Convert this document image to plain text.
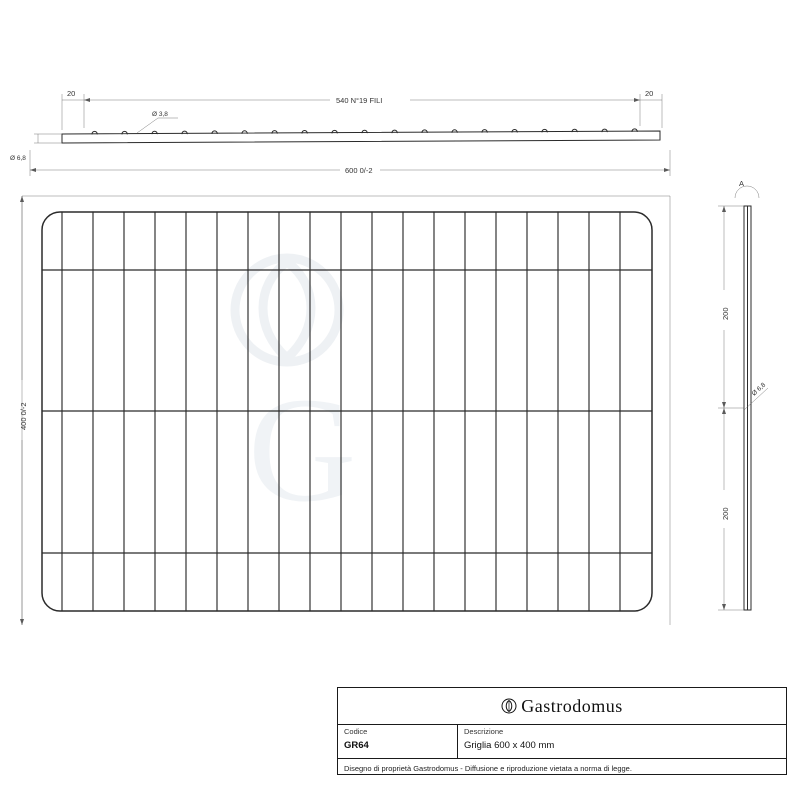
G
540 N°19 FILI
20	20
Ø 3,8
Ø 6,8
600 0/-2
400 0/-2
A
200
200
Ø 6,8
Gastrodomus
Codice
GR64
Descrizione
Griglia 600 x 400 mm
Disegno di proprietà Gastrodomus - Diffusione e riproduzione vietata a norma di legge.
